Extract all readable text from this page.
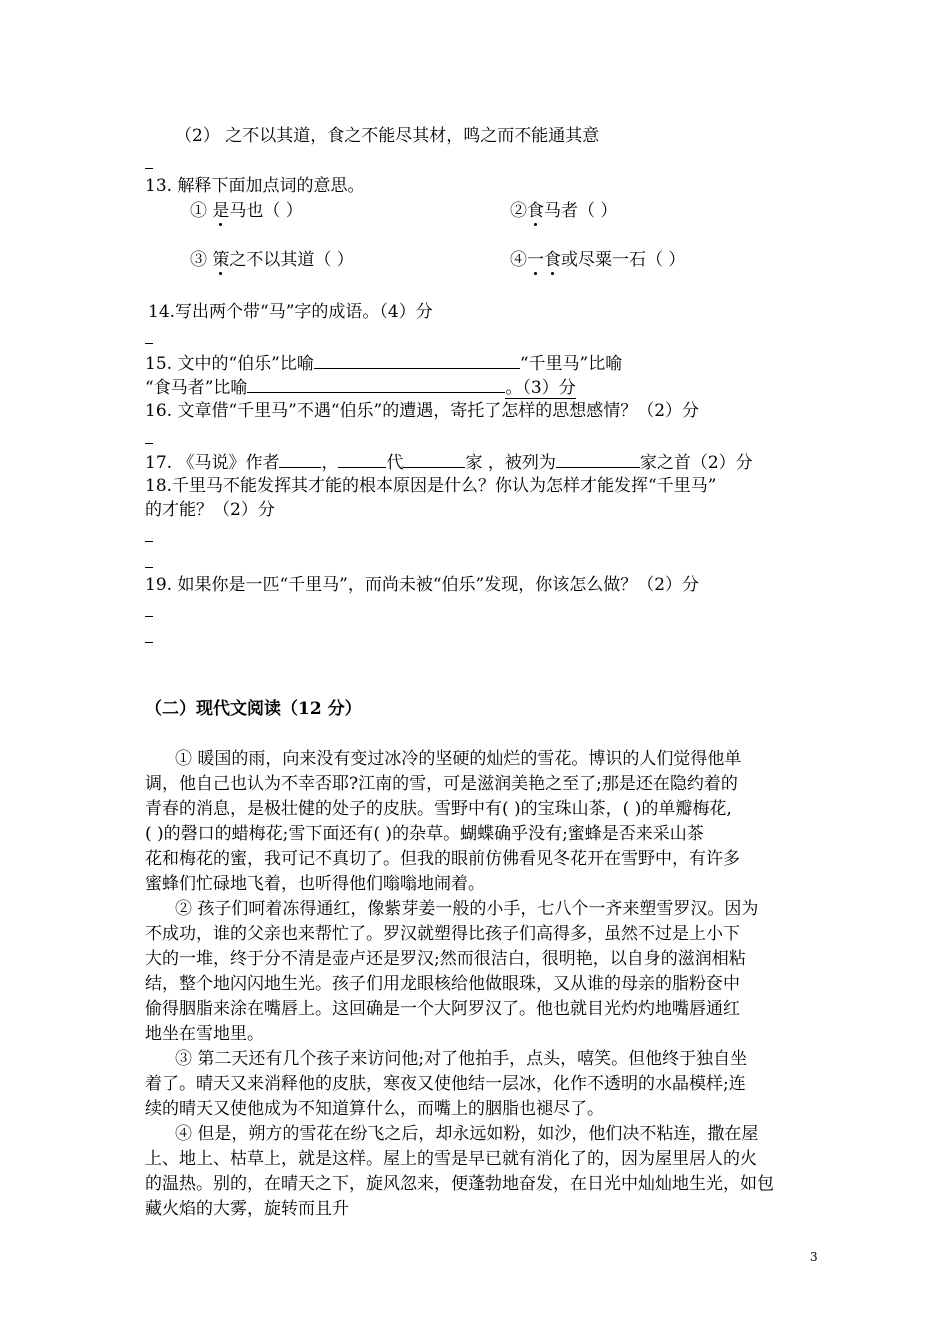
（2） 之不以其道，食之不能尽其材，鸣之而不能通其意
13. 解释下面加点词的意思。
① 是马也（ ）	②食马者（ ）
③ 策之不以其道（ ）	④一食或尽粟一石（ ）
14.写出两个带“马”字的成语。（4）分
15. 文中的“伯乐”比喻	“千里马”比喻
“食马者”比喻	。（3）分
16. 文章借“千里马”不遇“伯乐”的遭遇，寄托了怎样的思想感情？（2）分
17. 《马说》作者 ，	代	家 ，被列为	家之首（2）分
18.千里马不能发挥其才能的根本原因是什么？你认为怎样才能发挥“千里马”
的才能？（2）分
19. 如果你是一匹“千里马”，而尚未被“伯乐”发现，你该怎么做？（2）分
（二）现代文阅读（12 分）
① 暖国的雨，向来没有变过冰冷的坚硬的灿烂的雪花。博识的人们觉得他单
调，他自己也认为不幸否耶?江南的雪，可是滋润美艳之至了;那是还在隐约着的
青春的消息，是极壮健的处子的皮肤。雪野中有( )的宝珠山茶，( )的单瓣梅花,
( )的磬口的蜡梅花;雪下面还有( )的杂草。蝴蝶确乎没有;蜜蜂是否来采山茶
花和梅花的蜜，我可记不真切了。但我的眼前仿佛看见冬花开在雪野中，有许多
蜜蜂们忙碌地飞着，也听得他们嗡嗡地闹着。
② 孩子们呵着冻得通红，像紫芽姜一般的小手，七八个一齐来塑雪罗汉。因为
不成功，谁的父亲也来帮忙了。罗汉就塑得比孩子们高得多，虽然不过是上小下
大的一堆，终于分不清是壶卢还是罗汉;然而很洁白，很明艳，以自身的滋润相粘
结，整个地闪闪地生光。孩子们用龙眼核给他做眼珠，又从谁的母亲的脂粉奁中
偷得胭脂来涂在嘴唇上。这回确是一个大阿罗汉了。他也就目光灼灼地嘴唇通红
地坐在雪地里。
③ 第二天还有几个孩子来访问他;对了他拍手，点头，嘻笑。但他终于独自坐
着了。晴天又来消释他的皮肤，寒夜又使他结一层冰，化作不透明的水晶模样;连
续的晴天又使他成为不知道算什么，而嘴上的胭脂也褪尽了。
④ 但是，朔方的雪花在纷飞之后，却永远如粉，如沙，他们决不粘连，撒在屋
上、地上、枯草上，就是这样。屋上的雪是早已就有消化了的，因为屋里居人的火
的温热。别的，在晴天之下，旋风忽来，便蓬勃地奋发，在日光中灿灿地生光，如包
藏火焰的大雾，旋转而且升
3
